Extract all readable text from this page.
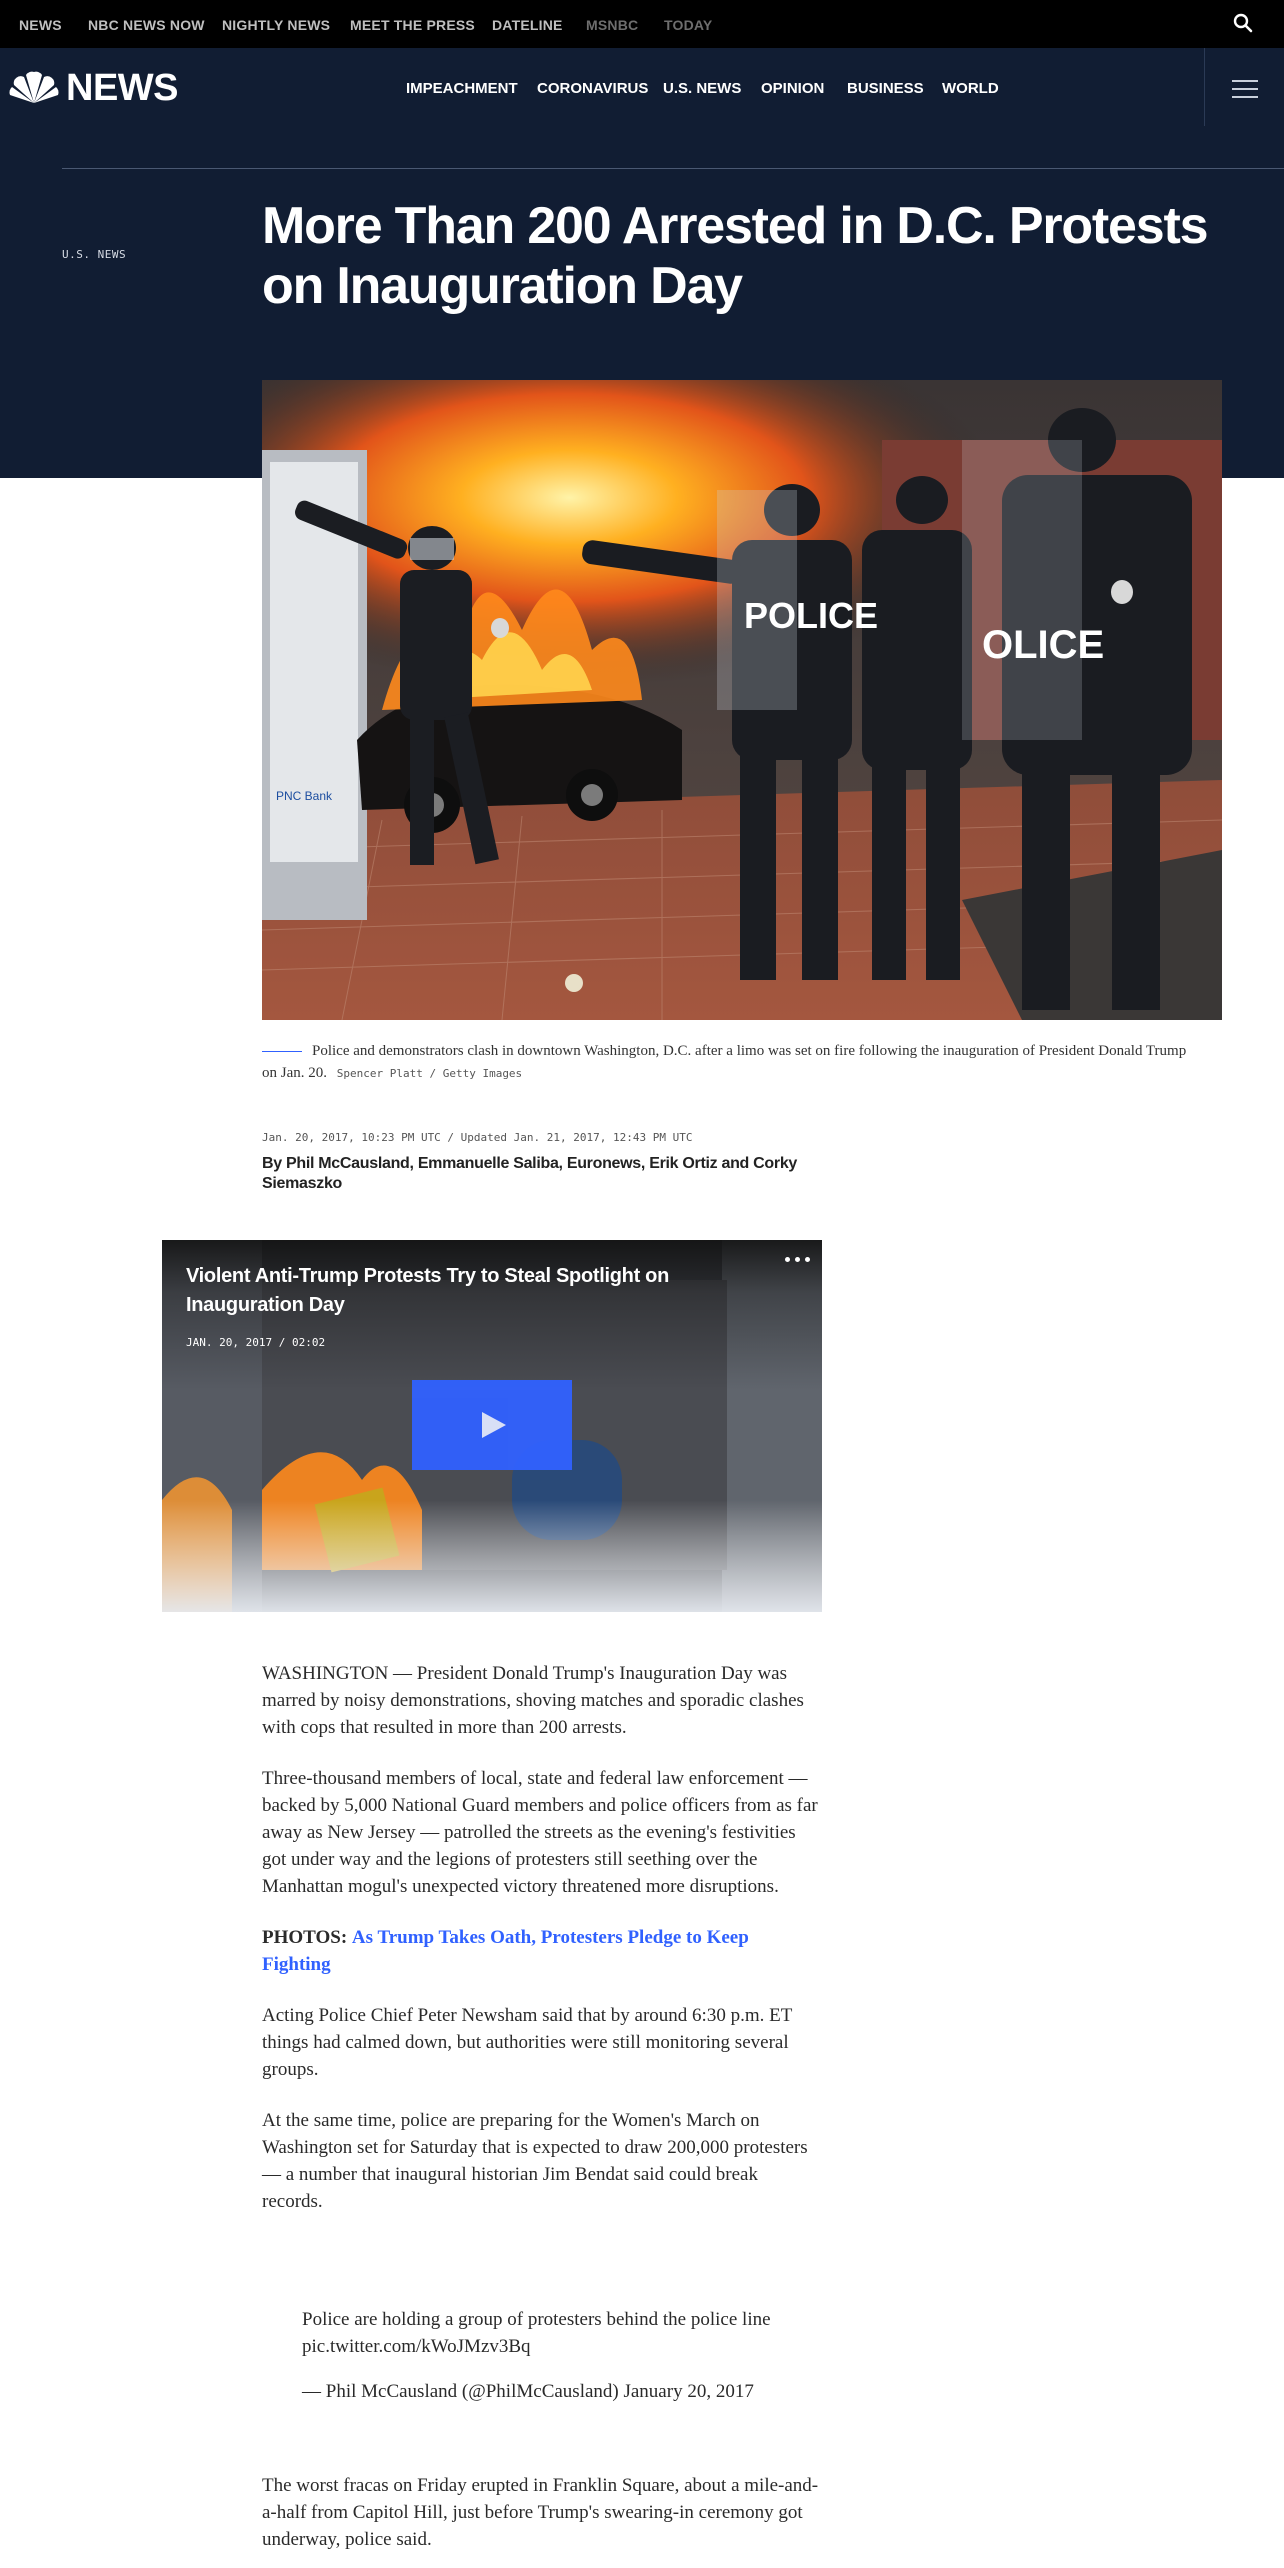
NEWS NBC NEWS NOW NIGHTLY NEWS MEET THE PRESS DATELINE MSNBC TODAY
NEWS	IMPEACHMENT CORONAVIRUS U.S. NEWS OPINION BUSINESS WORLD
U.S. NEWS	More Than 200 Arrested in D.C. Protests on Inauguration Day
PNC Bank
POLICE
OLICE
Police and demonstrators clash in downtown Washington, D.C. after a limo was set on fire following the inauguration of President Donald Trump on Jan. 20. Spencer Platt / Getty Images
Jan. 20, 2017, 10:23 PM UTC / Updated Jan. 21, 2017, 12:43 PM UTC
By Phil McCausland, Emmanuelle Saliba, Euronews, Erik Ortiz and Corky Siemaszko
Violent Anti-Trump Protests Try to Steal Spotlight on Inauguration Day
JAN. 20, 2017 / 02:02

WASHINGTON — President Donald Trump's Inauguration Day was marred by noisy demonstrations, shoving matches and sporadic clashes with cops that resulted in more than 200 arrests.

Three-thousand members of local, state and federal law enforcement — backed by 5,000 National Guard members and police officers from as far away as New Jersey — patrolled the streets as the evening's festivities got under way and the legions of protesters still seething over the Manhattan mogul's unexpected victory threatened more disruptions.

PHOTOS: As Trump Takes Oath, Protesters Pledge to Keep Fighting

Acting Police Chief Peter Newsham said that by around 6:30 p.m. ET things had calmed down, but authorities were still monitoring several groups.

At the same time, police are preparing for the Women's March on Washington set for Saturday that is expected to draw 200,000 protesters — a number that inaugural historian Jim Bendat said could break records.

Police are holding a group of protesters behind the police line pic.twitter.com/kWoJMzv3Bq
— Phil McCausland (@PhilMcCausland) January 20, 2017

The worst fracas on Friday erupted in Franklin Square, about a mile-and-a-half from Capitol Hill, just before Trump's swearing-in ceremony got underway, police said.
